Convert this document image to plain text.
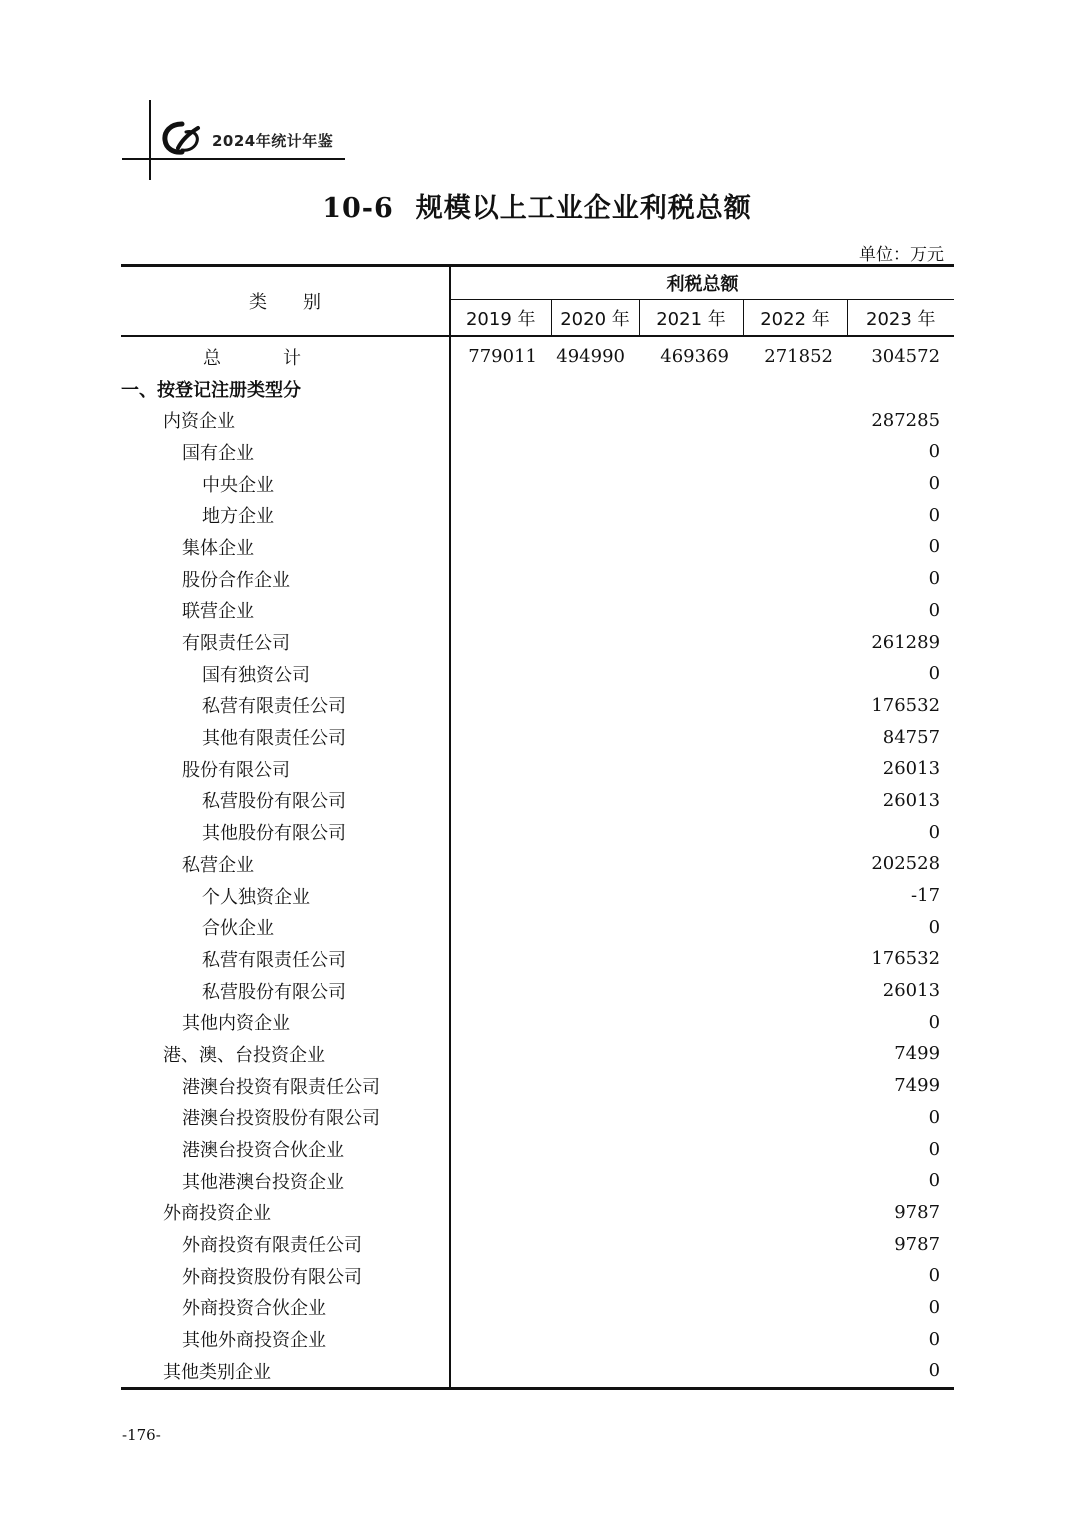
2024年统计年鉴
10-6 规模以上工业企业利税总额
单位：万元
类　　别	利税总额				
	2019 年	2020 年	2021 年	2022 年	2023 年
总计	779011	494990	469369	271852	304572
一、按登记注册类型分					
内资企业					287285
国有企业					0
中央企业					0
地方企业					0
集体企业					0
股份合作企业					0
联营企业					0
有限责任公司					261289
国有独资公司					0
私营有限责任公司					176532
其他有限责任公司					84757
股份有限公司					26013
私营股份有限公司					26013
其他股份有限公司					0
私营企业					202528
个人独资企业					-17
合伙企业					0
私营有限责任公司					176532
私营股份有限公司					26013
其他内资企业					0
港、澳、台投资企业					7499
港澳台投资有限责任公司					7499
港澳台投资股份有限公司					0
港澳台投资合伙企业					0
其他港澳台投资企业					0
外商投资企业					9787
外商投资有限责任公司					9787
外商投资股份有限公司					0
外商投资合伙企业					0
其他外商投资企业					0
其他类别企业					0
-176-
